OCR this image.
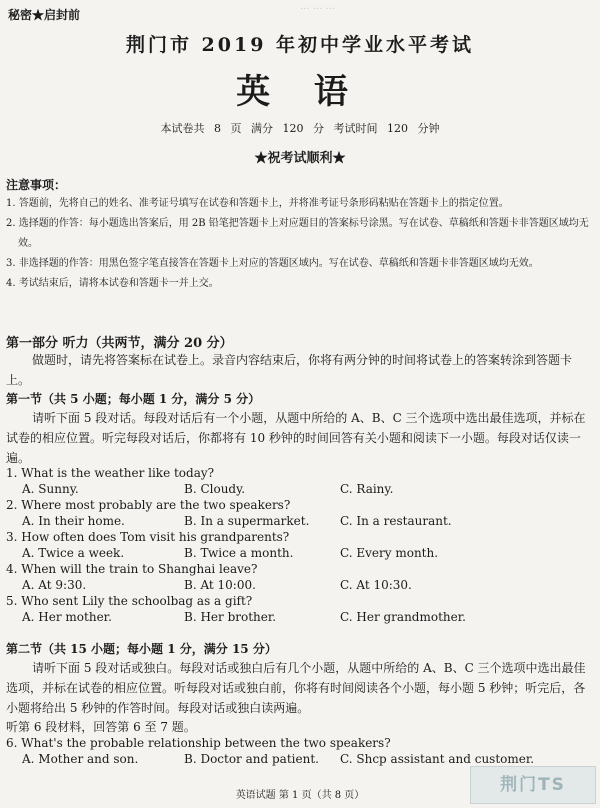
··· ··· ···
秘密★启封前
荆门市 2019 年初中学业水平考试
英 语
本试卷共 8 页 满分 120 分 考试时间 120 分钟
★祝考试顺利★
注意事项：
1. 答题前，先将自己的姓名、准考证号填写在试卷和答题卡上，并将准考证号条形码粘贴在答题卡上的指定位置。
2. 选择题的作答：每小题选出答案后，用 2B 铅笔把答题卡上对应题目的答案标号涂黑。写在试卷、草稿纸和答题卡非答题区域均无效。
3. 非选择题的作答：用黑色签字笔直接答在答题卡上对应的答题区域内。写在试卷、草稿纸和答题卡非答题区域均无效。
4. 考试结束后，请将本试卷和答题卡一并上交。
第一部分 听力（共两节，满分 20 分）
做题时，请先将答案标在试卷上。录音内容结束后，你将有两分钟的时间将试卷上的答案转涂到答题卡上。
第一节（共 5 小题；每小题 1 分，满分 5 分）
请听下面 5 段对话。每段对话后有一个小题，从题中所给的 A、B、C 三个选项中选出最佳选项，并标在试卷的相应位置。听完每段对话后，你都将有 10 秒钟的时间回答有关小题和阅读下一小题。每段对话仅读一遍。
1. What is the weather like today?
A. Sunny.	B. Cloudy.	C. Rainy.
2. Where most probably are the two speakers?
A. In their home.	B. In a supermarket.	C. In a restaurant.
3. How often does Tom visit his grandparents?
A. Twice a week.	B. Twice a month.	C. Every month.
4. When will the train to Shanghai leave?
A. At 9:30.	B. At 10:00.	C. At 10:30.
5. Who sent Lily the schoolbag as a gift?
A. Her mother.	B. Her brother.	C. Her grandmother.
第二节（共 15 小题；每小题 1 分，满分 15 分）
请听下面 5 段对话或独白。每段对话或独白后有几个小题，从题中所给的 A、B、C 三个选项中选出最佳选项，并标在试卷的相应位置。听每段对话或独白前，你将有时间阅读各个小题，每小题 5 秒钟；听完后，各小题将给出 5 秒钟的作答时间。每段对话或独白读两遍。
听第 6 段材料，回答第 6 至 7 题。
6. What's the probable relationship between the two speakers?
A. Mother and son.	B. Doctor and patient. C. Shcp assistant and customer.
英语试题 第 1 页（共 8 页）
荆门TS
